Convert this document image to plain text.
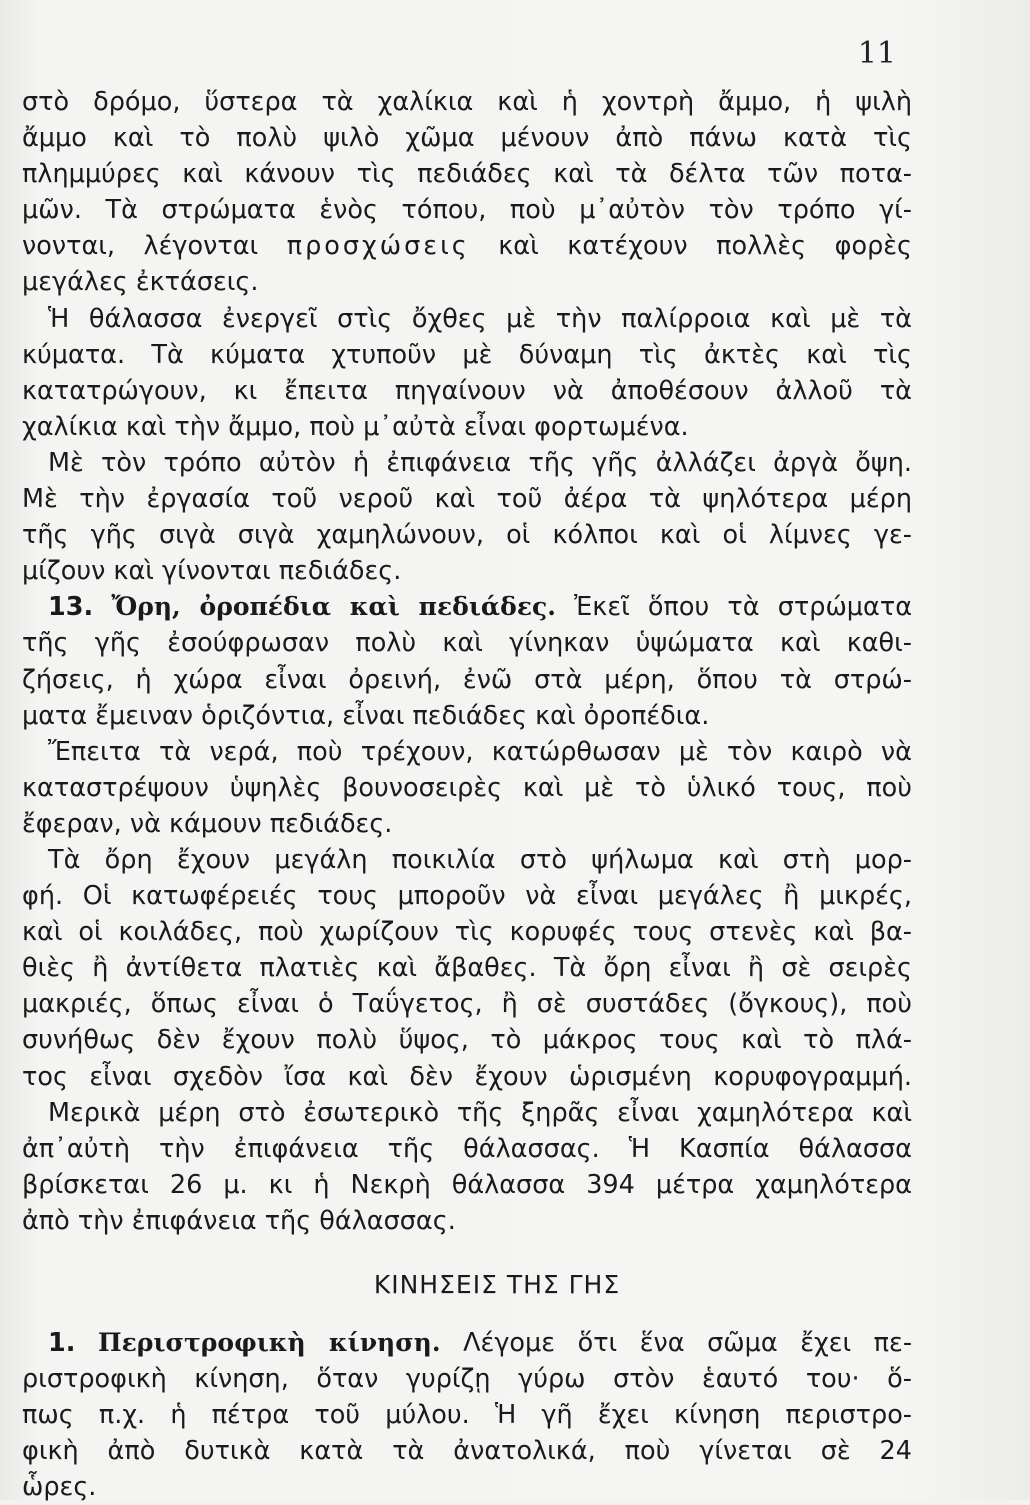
11
στὸ δρόμο, ὕστερα τὰ χαλίκια καὶ ἡ χοντρὴ ἄμμο, ἡ ψιλὴ
ἄμμο καὶ τὸ πολὺ ψιλὸ χῶμα μένουν ἀπὸ πάνω κατὰ τὶς
πλημμύρες καὶ κάνουν τὶς πεδιάδες καὶ τὰ δέλτα τῶν ποτα-
μῶν. Τὰ στρώματα ἑνὸς τόπου, ποὺ μ᾽αὐτὸν τὸν τρόπο γί-
νονται, λέγονται προσχώσεις καὶ κατέχουν πολλὲς φορὲς
μεγάλες ἐκτάσεις.
Ἡ θάλασσα ἐνεργεῖ στὶς ὄχθες μὲ τὴν παλίρροια καὶ μὲ τὰ
κύματα. Τὰ κύματα χτυποῦν μὲ δύναμη τὶς ἀκτὲς καὶ τὶς
κατατρώγουν, κι ἔπειτα πηγαίνουν νὰ ἀποθέσουν ἀλλοῦ τὰ
χαλίκια καὶ τὴν ἄμμο, ποὺ μ᾽αὐτὰ εἶναι φορτωμένα.
Μὲ τὸν τρόπο αὐτὸν ἡ ἐπιφάνεια τῆς γῆς ἀλλάζει ἀργὰ ὄψη.
Μὲ τὴν ἐργασία τοῦ νεροῦ καὶ τοῦ ἀέρα τὰ ψηλότερα μέρη
τῆς γῆς σιγὰ σιγὰ χαμηλώνουν, οἱ κόλποι καὶ οἱ λίμνες γε-
μίζουν καὶ γίνονται πεδιάδες.
13. Ὄρη, ὀροπέδια καὶ πεδιάδες. Ἐκεῖ ὅπου τὰ στρώματα
τῆς γῆς ἐσούφρωσαν πολὺ καὶ γίνηκαν ὑψώματα καὶ καθι-
ζήσεις, ἡ χώρα εἶναι ὀρεινή, ἐνῶ στὰ μέρη, ὅπου τὰ στρώ-
ματα ἔμειναν ὁριζόντια, εἶναι πεδιάδες καὶ ὀροπέδια.
Ἔπειτα τὰ νερά, ποὺ τρέχουν, κατώρθωσαν μὲ τὸν καιρὸ νὰ
καταστρέψουν ὑψηλὲς βουνοσειρὲς καὶ μὲ τὸ ὑλικό τους, ποὺ
ἔφεραν, νὰ κάμουν πεδιάδες.
Τὰ ὄρη ἔχουν μεγάλη ποικιλία στὸ ψήλωμα καὶ στὴ μορ-
φή. Οἱ κατωφέρειές τους μποροῦν νὰ εἶναι μεγάλες ἢ μικρές,
καὶ οἱ κοιλάδες, ποὺ χωρίζουν τὶς κορυφές τους στενὲς καὶ βα-
θιὲς ἢ ἀντίθετα πλατιὲς καὶ ἄβαθες. Τὰ ὄρη εἶναι ἢ σὲ σειρὲς
μακριές, ὅπως εἶναι ὁ Ταΰγετος, ἢ σὲ συστάδες (ὄγκους), ποὺ
συνήθως δὲν ἔχουν πολὺ ὕψος, τὸ μάκρος τους καὶ τὸ πλά-
τος εἶναι σχεδὸν ἴσα καὶ δὲν ἔχουν ὡρισμένη κορυφογραμμή.
Μερικὰ μέρη στὸ ἐσωτερικὸ τῆς ξηρᾶς εἶναι χαμηλότερα καὶ
ἀπ᾽αὐτὴ τὴν ἐπιφάνεια τῆς θάλασσας. Ἡ Κασπία θάλασσα
βρίσκεται 26 μ. κι ἡ Νεκρὴ θάλασσα 394 μέτρα χαμηλότερα
ἀπὸ τὴν ἐπιφάνεια τῆς θάλασσας.
ΚΙΝΗΣΕΙΣ ΤΗΣ ΓΗΣ
1. Περιστροφικὴ κίνηση. Λέγομε ὅτι ἕνα σῶμα ἔχει πε-
ριστροφικὴ κίνηση, ὅταν γυρίζῃ γύρω στὸν ἑαυτό του· ὅ-
πως π.χ. ἡ πέτρα τοῦ μύλου. Ἡ γῆ ἔχει κίνηση περιστρο-
φικὴ ἀπὸ δυτικὰ κατὰ τὰ ἀνατολικά, ποὺ γίνεται σὲ 24
ὧρες.
